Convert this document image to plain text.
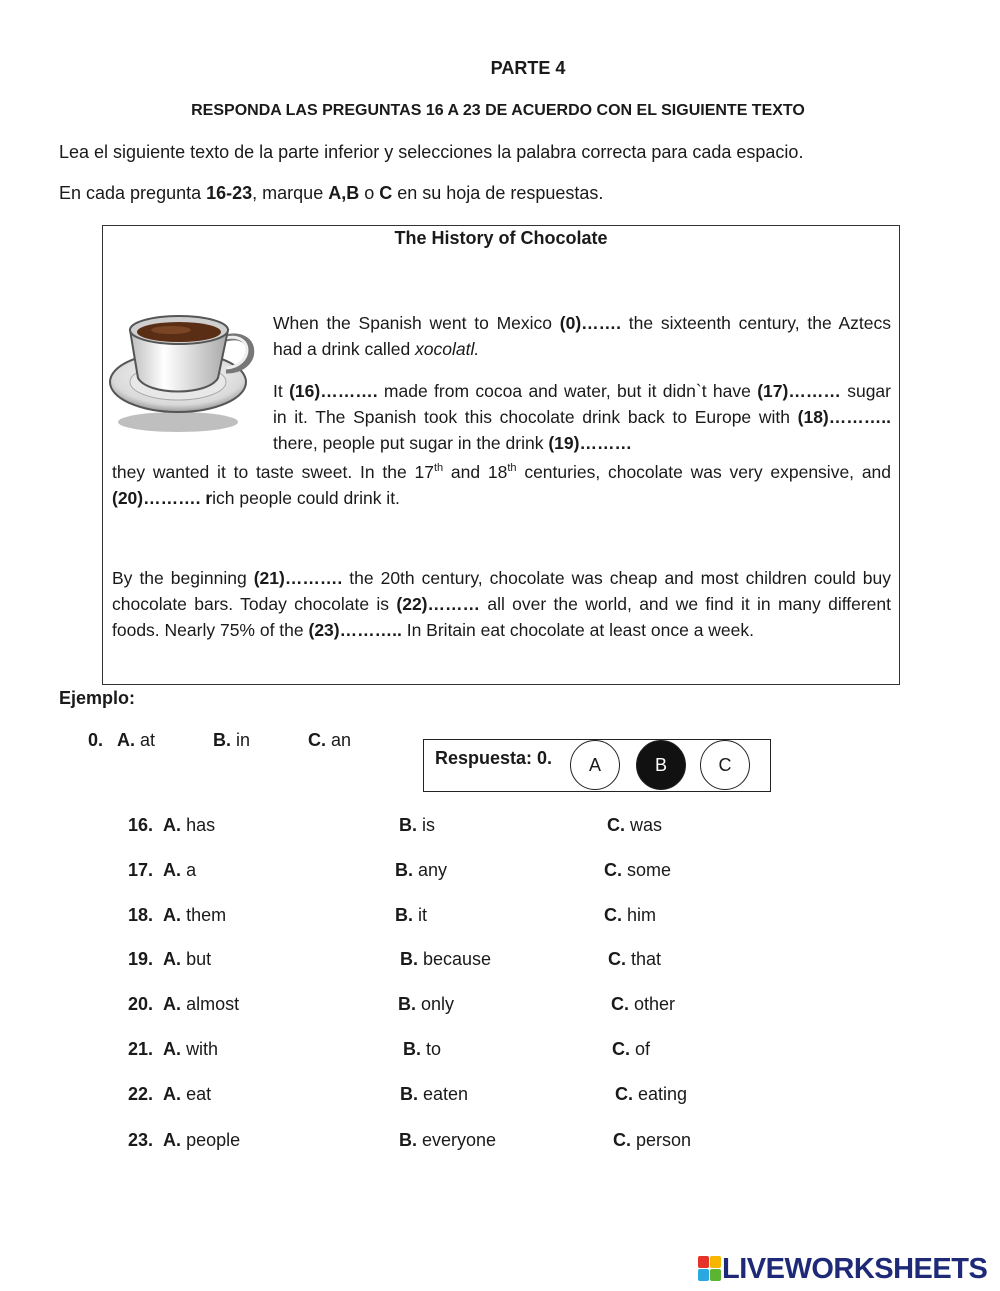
PARTE 4
RESPONDA LAS PREGUNTAS 16 A 23 DE ACUERDO CON EL SIGUIENTE TEXTO
Lea el siguiente texto de la parte inferior y selecciones la palabra correcta para cada espacio.
En cada pregunta 16-23, marque A,B o C en su hoja de respuestas.
The History of Chocolate
When the Spanish went to Mexico (0)……. the sixteenth century, the Aztecs had a drink called xocolatl.
It (16)………. made from cocoa and water, but it didn`t have (17)……… sugar in it. The Spanish took this chocolate drink back to Europe with (18)……….. there, people put sugar in the drink (19)………
they wanted it to taste sweet. In the 17th and 18th centuries, chocolate was very expensive, and (20)………. rich people could drink it.
By the beginning (21)………. the 20th century, chocolate was cheap and most children could buy chocolate bars. Today chocolate is (22)……… all over the world, and we find it in many different foods. Nearly 75% of the (23)……….. In Britain eat chocolate at least once a week.
Ejemplo:
0. A. at	B. in	C. an
Respuesta: 0.	A	B	C
16. A. has	B. is	C. was
17. A. a	B. any	C. some
18. A. them	B. it	C. him
19. A. but	B. because	C. that
20. A. almost	B. only	C. other
21. A. with	B. to	C. of
22. A. eat	B. eaten	C. eating
23. A. people	B. everyone	C. person
LIVEWORKSHEETS
